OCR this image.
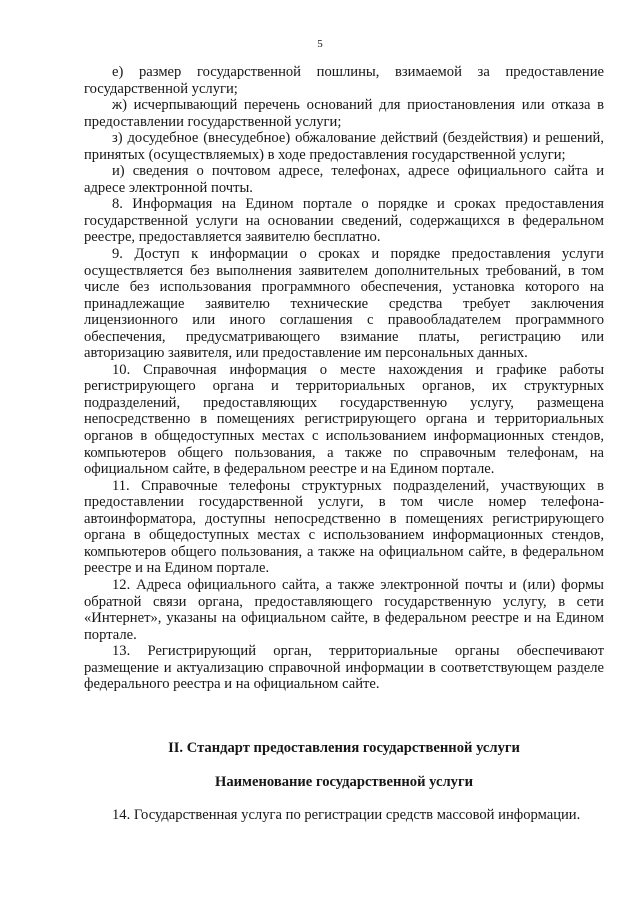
5

е) размер государственной пошлины, взимаемой за предоставление государственной услуги;

ж) исчерпывающий перечень оснований для приостановления или отказа в предоставлении государственной услуги;

з) досудебное (внесудебное) обжалование действий (бездействия) и решений, принятых (осуществляемых) в ходе предоставления государственной услуги;

и) сведения о почтовом адресе, телефонах, адресе официального сайта и адресе электронной почты.

8. Информация на Едином портале о порядке и сроках предоставления государственной услуги на основании сведений, содержащихся в федеральном реестре, предоставляется заявителю бесплатно.

9. Доступ к информации о сроках и порядке предоставления услуги осуществляется без выполнения заявителем дополнительных требований, в том числе без использования программного обеспечения, установка которого на принадлежащие заявителю технические средства требует заключения лицензионного или иного соглашения с правообладателем программного обеспечения, предусматривающего взимание платы, регистрацию или авторизацию заявителя, или предоставление им персональных данных.

10. Справочная информация о месте нахождения и графике работы регистрирующего органа и территориальных органов, их структурных подразделений, предоставляющих государственную услугу, размещена непосредственно в помещениях регистрирующего органа и территориальных органов в общедоступных местах с использованием информационных стендов, компьютеров общего пользования, а также по справочным телефонам, на официальном сайте, в федеральном реестре и на Едином портале.

11. Справочные телефоны структурных подразделений, участвующих в предоставлении государственной услуги, в том числе номер телефона-автоинформатора, доступны непосредственно в помещениях регистрирующего органа в общедоступных местах с использованием информационных стендов, компьютеров общего пользования, а также на официальном сайте, в федеральном реестре и на Едином портале.

12. Адреса официального сайта, а также электронной почты и (или) формы обратной связи органа, предоставляющего государственную услугу, в сети «Интернет», указаны на официальном сайте, в федеральном реестре и на Едином портале.

13. Регистрирующий орган, территориальные органы обеспечивают размещение и актуализацию справочной информации в соответствующем разделе федерального реестра и на официальном сайте.

II. Стандарт предоставления государственной услуги
Наименование государственной услуги

14. Государственная услуга по регистрации средств массовой информации.
